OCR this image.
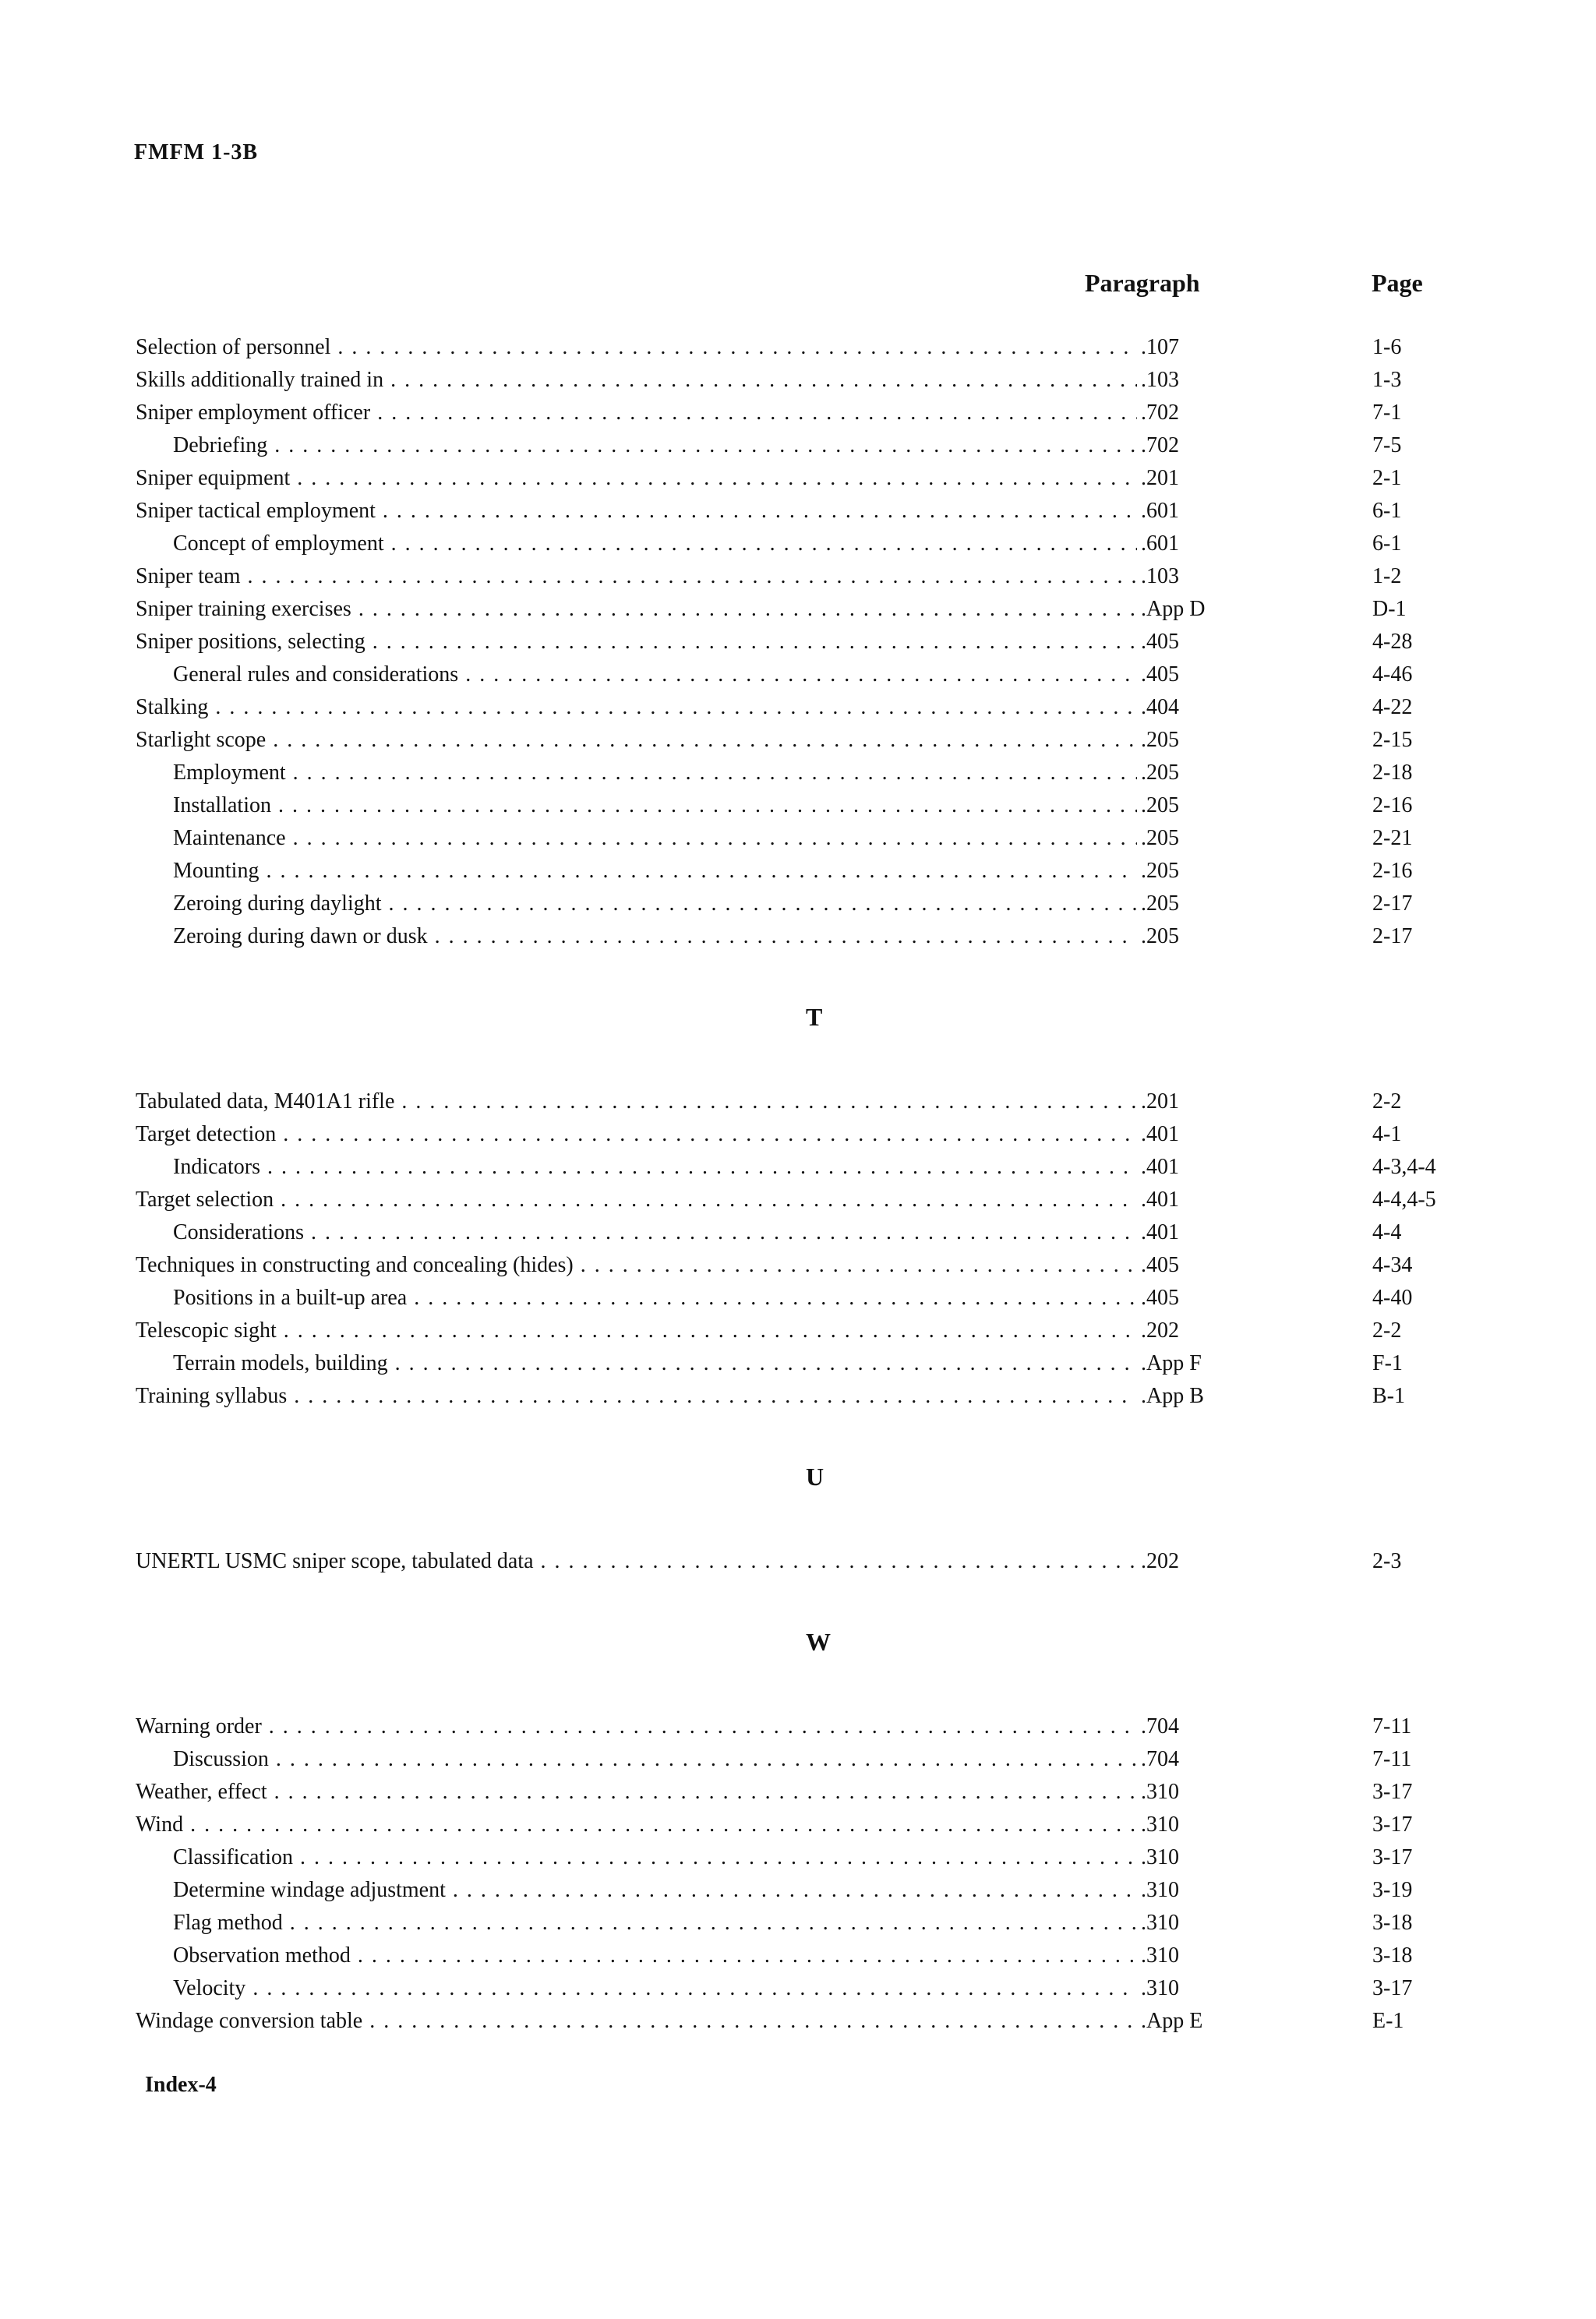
FMFM 1-3B
Paragraph	Page
Selection of personnel . . .	.107	1-6
Skills additionally trained in . . .	.103	1-3
Sniper employment officer . . .	.702	7-1
Debriefing . . .	.702	7-5
Sniper equipment . . .	.201	2-1
Sniper tactical employment . . .	.601	6-1
Concept of employment . . .	.601	6-1
Sniper team . . .	.103	1-2
Sniper training exercises . . .	.App D	D-1
Sniper positions, selecting . . .	.405	4-28
General rules and considerations . . .	.405	4-46
Stalking . . .	.404	4-22
Starlight scope . . .	.205	2-15
Employment . . .	.205	2-18
Installation . . .	.205	2-16
Maintenance . . .	.205	2-21
Mounting . . .	.205	2-16
Zeroing during daylight . . .	.205	2-17
Zeroing during dawn or dusk . . .	.205	2-17
T
Tabulated data, M401A1 rifle . . .	.201	2-2
Target detection . . .	.401	4-1
Indicators . . .	.401	4-3,4-4
Target selection . . .	.401	4-4,4-5
Considerations . . .	.401	4-4
Techniques in constructing and concealing (hides) . . .	.405	4-34
Positions in a built-up area . . .	.405	4-40
Telescopic sight . . .	.202	2-2
Terrain models, building . . .	.App F	F-1
Training syllabus . . .	.App B	B-1
U
UNERTL USMC sniper scope, tabulated data . . .	.202	2-3
W
Warning order . . .	.704	7-11
Discussion . . .	.704	7-11
Weather, effect . . .	.310	3-17
Wind . . .	.310	3-17
Classification . . .	.310	3-17
Determine windage adjustment . . .	.310	3-19
Flag method . . .	.310	3-18
Observation method . . .	.310	3-18
Velocity . . .	.310	3-17
Windage conversion table . . .	.App E	E-1
Index-4
